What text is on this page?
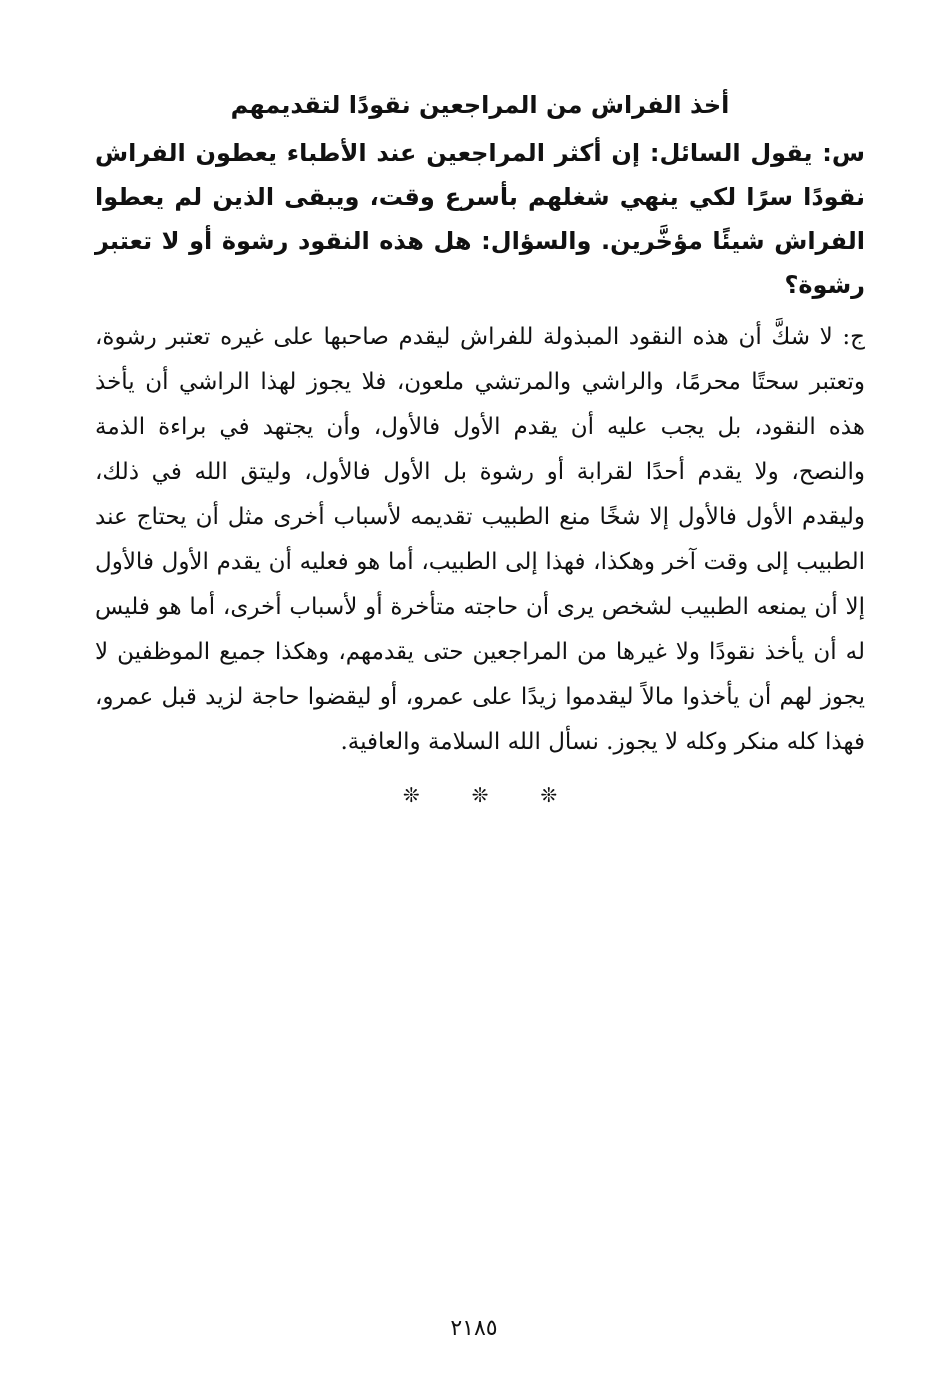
أخذ الفراش من المراجعين نقودًا لتقديمهم

س: يقول السائل: إن أكثر المراجعين عند الأطباء يعطون الفراش نقودًا سرًا لكي ينهي شغلهم بأسرع وقت، ويبقى الذين لم يعطوا الفراش شيئًا مؤخَّرين. والسؤال: هل هذه النقود رشوة أو لا تعتبر رشوة؟

ج: لا شكَّ أن هذه النقود المبذولة للفراش ليقدم صاحبها على غيره تعتبر رشوة، وتعتبر سحتًا محرمًا، والراشي والمرتشي ملعون، فلا يجوز لهذا الراشي أن يأخذ هذه النقود، بل يجب عليه أن يقدم الأول فالأول، وأن يجتهد في براءة الذمة والنصح، ولا يقدم أحدًا لقرابة أو رشوة بل الأول فالأول، وليتق الله في ذلك، وليقدم الأول فالأول إلا شخًا منع الطبيب تقديمه لأسباب أخرى مثل أن يحتاج عند الطبيب إلى وقت آخر وهكذا، فهذا إلى الطبيب، أما هو فعليه أن يقدم الأول فالأول إلا أن يمنعه الطبيب لشخص يرى أن حاجته متأخرة أو لأسباب أخرى، أما هو فليس له أن يأخذ نقودًا ولا غيرها من المراجعين حتى يقدمهم، وهكذا جميع الموظفين لا يجوز لهم أن يأخذوا مالاً ليقدموا زيدًا على عمرو، أو ليقضوا حاجة لزيد قبل عمرو، فهذا كله منكر وكله لا يجوز. نسأل الله السلامة والعافية.

❊❊❊
٢١٨٥
